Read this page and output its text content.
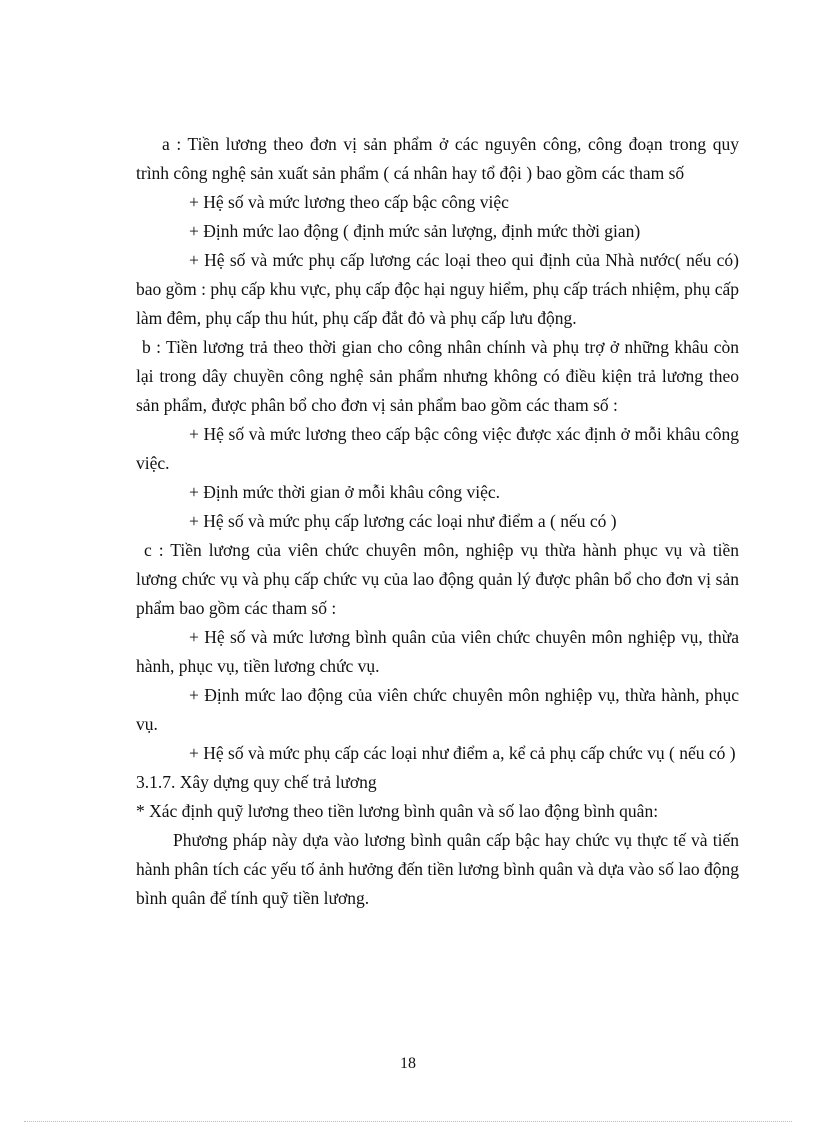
a : Tiền lương theo đơn vị sản phẩm ở các nguyên công, công đoạn trong quy trình công nghệ sản xuất sản phẩm ( cá nhân hay tổ đội ) bao gồm các tham số

+ Hệ số và mức lương theo cấp bậc công việc

+ Định mức lao động ( định mức sản lượng, định mức thời gian)

+ Hệ số và mức phụ cấp lương các loại theo qui định của Nhà nước( nếu có) bao gồm : phụ cấp khu vực, phụ cấp độc hại nguy hiểm, phụ cấp trách nhiệm, phụ cấp làm đêm, phụ cấp thu hút, phụ cấp đắt đỏ và phụ cấp lưu động.

b : Tiền lương trả theo thời gian cho công nhân chính và phụ trợ ở những khâu còn lại trong dây chuyền công nghệ sản phẩm nhưng không có điều kiện trả lương theo sản phẩm, được phân bổ cho đơn vị sản phẩm bao gồm các tham số :

+ Hệ số và mức lương theo cấp bậc công việc được xác định ở mỗi khâu công việc.

+ Định mức thời gian ở mỗi khâu công việc.

+ Hệ số và mức phụ cấp lương các loại như điểm a ( nếu có )

c : Tiền lương của viên chức chuyên môn, nghiệp vụ thừa hành phục vụ và tiền lương chức vụ và phụ cấp chức vụ của lao động quản lý được phân bổ cho đơn vị sản phẩm bao gồm các tham số :

+ Hệ số và mức lương bình quân của viên chức chuyên môn nghiệp vụ, thừa hành, phục vụ, tiền lương chức vụ.

+ Định mức lao động của viên chức chuyên môn nghiệp vụ, thừa hành, phục vụ.

+ Hệ số và mức phụ cấp các loại như điểm a, kể cả phụ cấp chức vụ ( nếu có )

3.1.7. Xây dựng quy chế trả lương

* Xác định quỹ lương theo tiền lương bình quân và số lao động bình quân:

Phương pháp này dựa vào lương bình quân cấp bậc hay chức vụ thực tế và tiến hành phân tích các yếu tố ảnh hưởng đến tiền lương bình quân và dựa vào số lao động bình quân để tính quỹ tiền lương.

18
